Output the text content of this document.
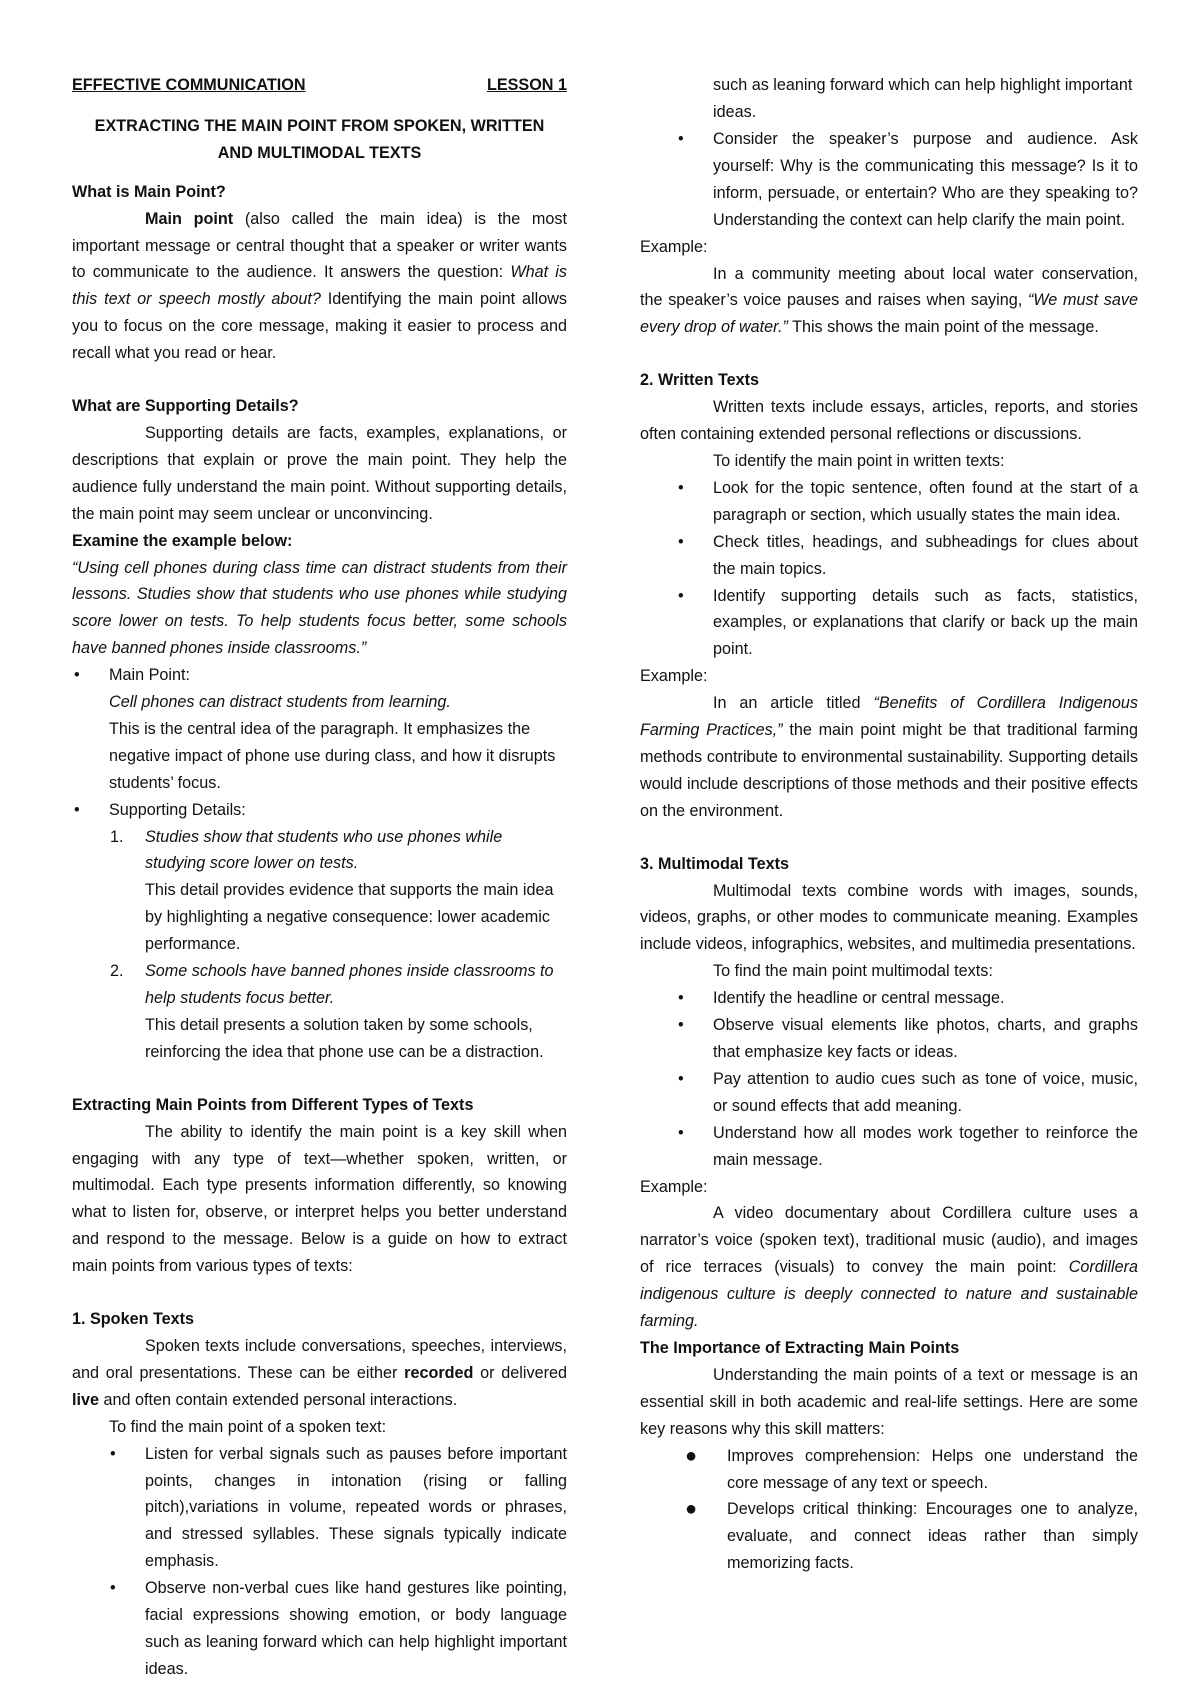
EFFECTIVE COMMUNICATION	LESSON 1
EXTRACTING THE MAIN POINT FROM SPOKEN, WRITTEN
AND MULTIMODAL TEXTS

What is Main Point?

Main point (also called the main idea) is the most important message or central thought that a speaker or writer wants to communicate to the audience. It answers the question: What is this text or speech mostly about? Identifying the main point allows you to focus on the core message, making it easier to process and recall what you read or hear.

What are Supporting Details?

Supporting details are facts, examples, explanations, or descriptions that explain or prove the main point. They help the audience fully understand the main point. Without supporting details, the main point may seem unclear or unconvincing.

Examine the example below:

“Using cell phones during class time can distract students from their lessons. Studies show that students who use phones while studying score lower on tests. To help students focus better, some schools have banned phones inside classrooms.”

• Main Point:
Cell phones can distract students from learning.
This is the central idea of the paragraph. It emphasizes the negative impact of phone use during class, and how it disrupts students’ focus.
• Supporting Details:
1. Studies show that students who use phones while studying score lower on tests.
This detail provides evidence that supports the main idea by highlighting a negative consequence: lower academic performance.
2. Some schools have banned phones inside classrooms to help students focus better.
This detail presents a solution taken by some schools, reinforcing the idea that phone use can be a distraction.

Extracting Main Points from Different Types of Texts

The ability to identify the main point is a key skill when engaging with any type of text—whether spoken, written, or multimodal. Each type presents information differently, so knowing what to listen for, observe, or interpret helps you better understand and respond to the message. Below is a guide on how to extract main points from various types of texts:

1. Spoken Texts

Spoken texts include conversations, speeches, interviews, and oral presentations. These can be either recorded or delivered live and often contain extended personal interactions.

To find the main point of a spoken text:

• Listen for verbal signals such as pauses before important points, changes in intonation (rising or falling pitch),variations in volume, repeated words or phrases, and stressed syllables. These signals typically indicate emphasis.
• Observe non-verbal cues like hand gestures like pointing, facial expressions showing emotion, or body language such as leaning forward which can help highlight important ideas.
such as leaning forward which can help highlight important ideas.
• Consider the speaker’s purpose and audience. Ask yourself: Why is the communicating this message? Is it to inform, persuade, or entertain? Who are they speaking to? Understanding the context can help clarify the main point.

Example:

In a community meeting about local water conservation, the speaker’s voice pauses and raises when saying, “We must save every drop of water.” This shows the main point of the message.

2. Written Texts

Written texts include essays, articles, reports, and stories often containing extended personal reflections or discussions.

To identify the main point in written texts:

• Look for the topic sentence, often found at the start of a paragraph or section, which usually states the main idea.
• Check titles, headings, and subheadings for clues about the main topics.
• Identify supporting details such as facts, statistics, examples, or explanations that clarify or back up the main point.

Example:

In an article titled “Benefits of Cordillera Indigenous Farming Practices,” the main point might be that traditional farming methods contribute to environmental sustainability. Supporting details would include descriptions of those methods and their positive effects on the environment.

3. Multimodal Texts

Multimodal texts combine words with images, sounds, videos, graphs, or other modes to communicate meaning. Examples include videos, infographics, websites, and multimedia presentations.

To find the main point multimodal texts:

• Identify the headline or central message.
• Observe visual elements like photos, charts, and graphs that emphasize key facts or ideas.
• Pay attention to audio cues such as tone of voice, music, or sound effects that add meaning.
• Understand how all modes work together to reinforce the main message.

Example:

A video documentary about Cordillera culture uses a narrator’s voice (spoken text), traditional music (audio), and images of rice terraces (visuals) to convey the main point: Cordillera indigenous culture is deeply connected to nature and sustainable farming.

The Importance of Extracting Main Points

Understanding the main points of a text or message is an essential skill in both academic and real-life settings. Here are some key reasons why this skill matters:

● Improves comprehension: Helps one understand the core message of any text or speech.
● Develops critical thinking: Encourages one to analyze, evaluate, and connect ideas rather than simply memorizing facts.
